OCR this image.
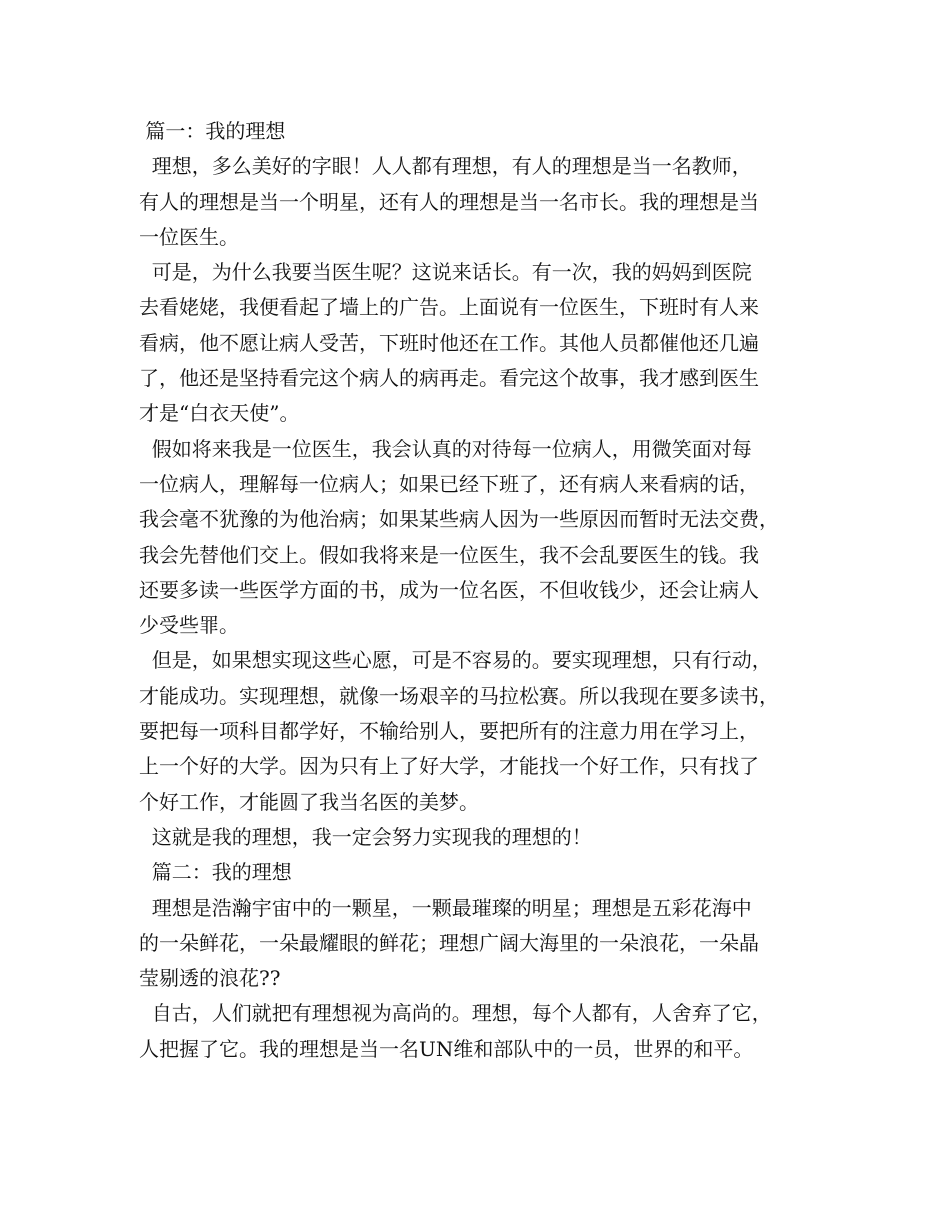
篇一：我的理想
理想，多么美好的字眼！人人都有理想，有人的理想是当一名教师，
有人的理想是当一个明星，还有人的理想是当一名市长。我的理想是当
一位医生。
可是，为什么我要当医生呢？这说来话长。有一次，我的妈妈到医院
去看姥姥，我便看起了墙上的广告。上面说有一位医生，下班时有人来
看病，他不愿让病人受苦，下班时他还在工作。其他人员都催他还几遍
了，他还是坚持看完这个病人的病再走。看完这个故事，我才感到医生
才是“白衣天使”。
假如将来我是一位医生，我会认真的对待每一位病人，用微笑面对每
一位病人，理解每一位病人；如果已经下班了，还有病人来看病的话，
我会毫不犹豫的为他治病；如果某些病人因为一些原因而暂时无法交费，
我会先替他们交上。假如我将来是一位医生，我不会乱要医生的钱。我
还要多读一些医学方面的书，成为一位名医，不但收钱少，还会让病人
少受些罪。
但是，如果想实现这些心愿，可是不容易的。要实现理想，只有行动，
才能成功。实现理想，就像一场艰辛的马拉松赛。所以我现在要多读书，
要把每一项科目都学好，不输给别人，要把所有的注意力用在学习上，
上一个好的大学。因为只有上了好大学，才能找一个好工作，只有找了
个好工作，才能圆了我当名医的美梦。
这就是我的理想，我一定会努力实现我的理想的！
篇二：我的理想
理想是浩瀚宇宙中的一颗星，一颗最璀璨的明星；理想是五彩花海中
的一朵鲜花，一朵最耀眼的鲜花；理想广阔大海里的一朵浪花，一朵晶
莹剔透的浪花??
自古，人们就把有理想视为高尚的。理想，每个人都有，人舍弃了它，
人把握了它。我的理想是当一名UN维和部队中的一员，世界的和平。
